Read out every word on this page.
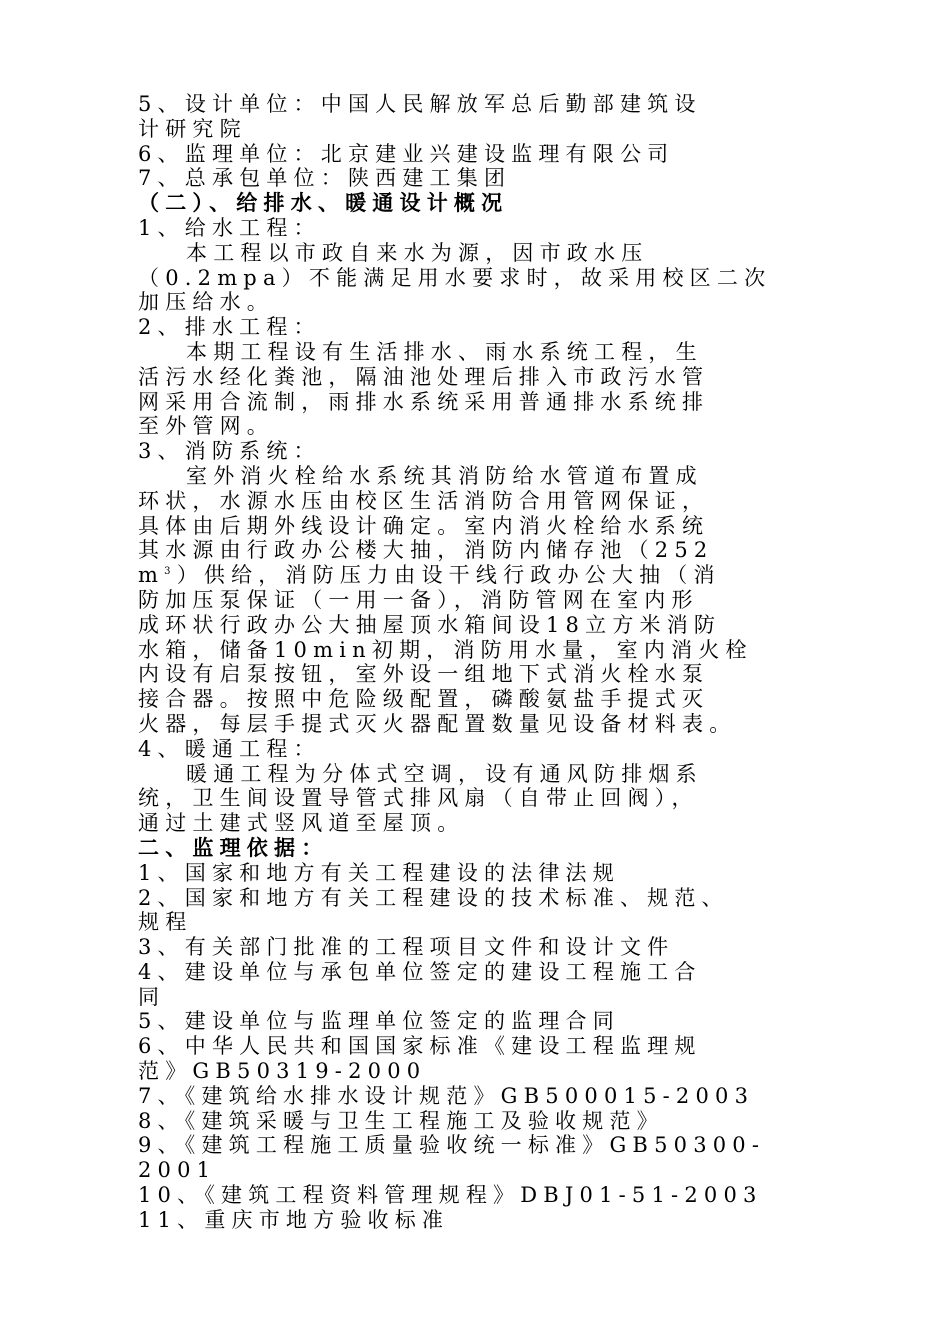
5、设计单位：中国人民解放军总后勤部建筑设
计研究院
6、监理单位：北京建业兴建设监理有限公司
7、总承包单位：陕西建工集团
（二）、给排水、暖通设计概况
1、给水工程：
本工程以市政自来水为源，因市政水压
（0.2mpa）不能满足用水要求时，故采用校区二次
加压给水。
2、排水工程：
本期工程设有生活排水、雨水系统工程，生
活污水经化粪池，隔油池处理后排入市政污水管
网采用合流制，雨排水系统采用普通排水系统排
至外管网。
3、消防系统：
室外消火栓给水系统其消防给水管道布置成
环状，水源水压由校区生活消防合用管网保证，
具体由后期外线设计确定。室内消火栓给水系统
其水源由行政办公楼大抽，消防内储存池（252
$m^3$）供给，消防压力由设干线行政办公大抽（消
防加压泵保证（一用一备），消防管网在室内形
成环状行政办公大抽屋顶水箱间设18立方米消防
水箱，储备10min初期，消防用水量，室内消火栓
内设有启泵按钮，室外设一组地下式消火栓水泵
接合器。按照中危险级配置，磷酸氨盐手提式灭
火器，每层手提式灭火器配置数量见设备材料表。
4、暖通工程：
暖通工程为分体式空调，设有通风防排烟系
统，卫生间设置导管式排风扇（自带止回阀），
通过土建式竖风道至屋顶。
二、监理依据：
1、国家和地方有关工程建设的法律法规
2、国家和地方有关工程建设的技术标准、规范、
规程
3、有关部门批准的工程项目文件和设计文件
4、建设单位与承包单位签定的建设工程施工合
同
5、建设单位与监理单位签定的监理合同
6、中华人民共和国国家标准《建设工程监理规
范》GB50319-2000
7、《建筑给水排水设计规范》GB500015-2003
8、《建筑采暖与卫生工程施工及验收规范》
9、《建筑工程施工质量验收统一标准》GB50300-
2001
10、《建筑工程资料管理规程》DBJ01-51-2003
11、重庆市地方验收标准
